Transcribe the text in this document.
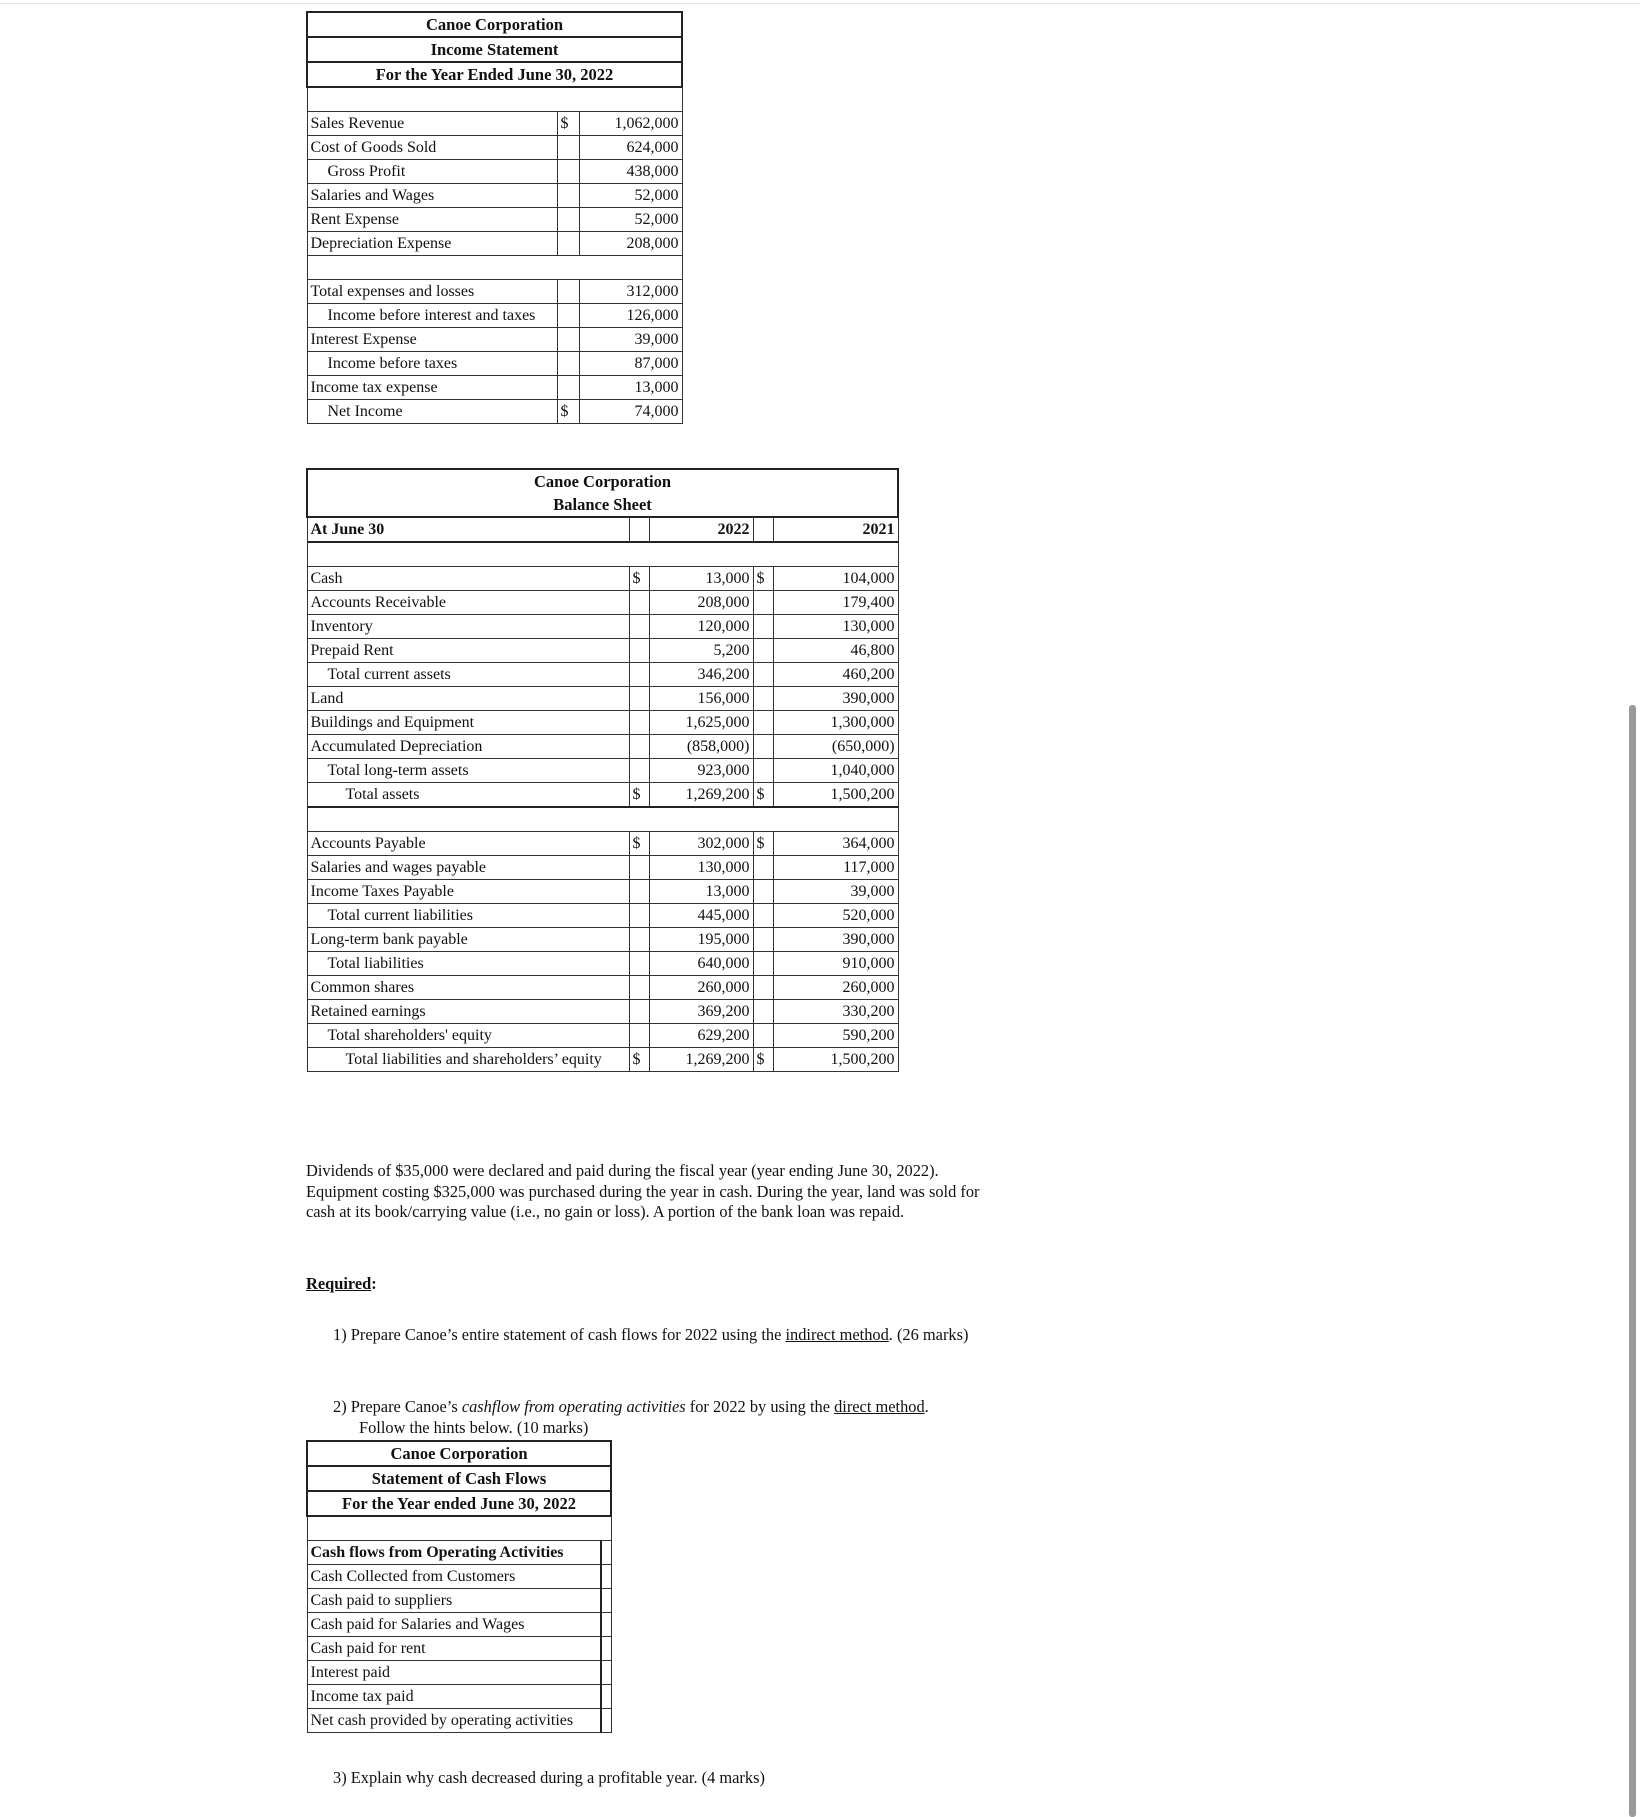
Canoe Corporation		
Income Statement		
For the Year Ended June 30, 2022		

Sales Revenue	$	1,062,000
Cost of Goods Sold		624,000
Gross Profit		438,000
Salaries and Wages		52,000
Rent Expense		52,000
Depreciation Expense		208,000

Total expenses and losses		312,000
Income before interest and taxes		126,000
Interest Expense		39,000
Income before taxes		87,000
Income tax expense		13,000
Net Income	$	74,000
Canoe Corporation				
Balance Sheet				
At June 30		2022		2021

Cash	$	13,000	$	104,000
Accounts Receivable		208,000		179,400
Inventory		120,000		130,000
Prepaid Rent		5,200		46,800
Total current assets		346,200		460,200
Land		156,000		390,000
Buildings and Equipment		1,625,000		1,300,000
Accumulated Depreciation		(858,000)		(650,000)
Total long-term assets		923,000		1,040,000
Total assets	$	1,269,200	$	1,500,200

Accounts Payable	$	302,000	$	364,000
Salaries and wages payable		130,000		117,000
Income Taxes Payable		13,000		39,000
Total current liabilities		445,000		520,000
Long-term bank payable		195,000		390,000
Total liabilities		640,000		910,000
Common shares		260,000		260,000
Retained earnings		369,200		330,200
Total shareholders' equity		629,200		590,200
Total liabilities and shareholders’ equity	$	1,269,200	$	1,500,200
Dividends of $35,000 were declared and paid during the fiscal year (year ending June 30, 2022). Equipment costing $325,000 was purchased during the year in cash. During the year, land was sold for cash at its book/carrying value (i.e., no gain or loss). A portion of the bank loan was repaid.
Required:
1) Prepare Canoe’s entire statement of cash flows for 2022 using the indirect method. (26 marks)
2) Prepare Canoe’s cashflow from operating activities for 2022 by using the direct method.
Follow the hints below. (10 marks)
Canoe Corporation	
Statement of Cash Flows	
For the Year ended June 30, 2022	

Cash flows from Operating Activities	
Cash Collected from Customers	
Cash paid to suppliers	
Cash paid for Salaries and Wages	
Cash paid for rent	
Interest paid	
Income tax paid	
Net cash provided by operating activities	
3) Explain why cash decreased during a profitable year. (4 marks)
